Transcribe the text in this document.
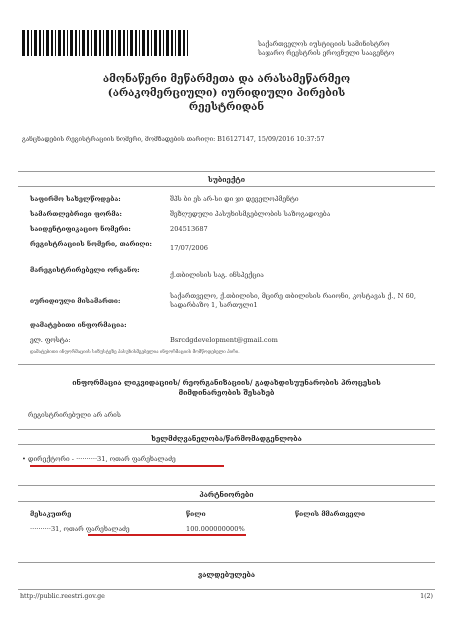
საქართველოს იუსტიციის სამინისტრო
საჯარო რეესტრის ეროვნული სააგენტო
ამონაწერი მეწარმეთა და არასამეწარმეო
(არაკომერციული) იურიდიული პირების
რეესტრიდან
განცხადების რეგისტრაციის ნომერი, მომზადების თარიღი: B16127147, 15/09/2016 10:37:57
სუბიექტი
საფირმო სახელწოდება:	შპს ბი ეს არ-სი დი ჯი დეველოპმენტი
სამართლებრივი ფორმა:	შეზღუდული პასუხისმგებლობის საზოგადოება
საიდენტიფიკაციო ნომერი:	204513687
რეგისტრაციის ნომერი, თარიღი:	17/07/2006
მარეგისტრირებელი ორგანო:
ქ.თბილისის საგ. ინსპექცია
იურიდიული მისამართი:
საქართველო, ქ.თბილისი, მცირე თბილისის რაიონი, კოსტავას ქ., N 60, სადარბაზო 1, სართული1
დამატებითი ინფორმაცია:
ელ. ფოსტა:	Bsrcdgdevelopment@gmail.com
დამატებითი ინფორმაციის სიზუსტეზე პასუხისმგებელია ინფორმაციის მომწოდებელი პირი.
ინფორმაცია ლიკვიდაციის/ რეორგანიზაციის/ გადახდისუუნარობის პროცესის
მიმდინარეობის შესახებ
რეგისტრირებული არ არის
ხელმძღვანელობა/წარმომადგენლობა
• დირექტორი - ··········31, ოთარ ფარეხალაძე
პარტნიორები
მესაკუთრე	წილი	წილის მმართველი
··········31, ოთარ ფარეხალაძე	100.000000000%
ვალდებულება
http://public.reestri.gov.ge	1(2)
